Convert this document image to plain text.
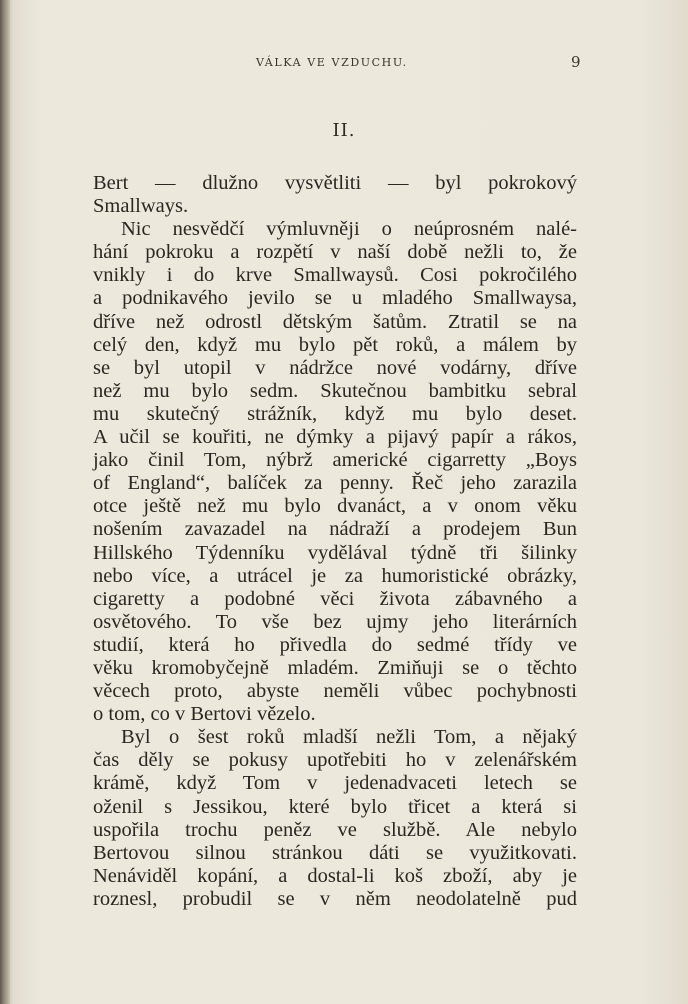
VÁLKA VE VZDUCHU.	9
II.
Bert — dlužno vysvětliti — byl pokrokový
Smallways.
Nic nesvědčí výmluvněji o neúprosném nalé-
hání pokroku a rozpětí v naší době nežli to, že
vnikly i do krve Smallwaysů. Cosi pokročilého
a podnikavého jevilo se u mladého Smallwaysa,
dříve než odrostl dětským šatům. Ztratil se na
celý den, když mu bylo pět roků, a málem by
se byl utopil v nádržce nové vodárny, dříve
než mu bylo sedm. Skutečnou bambitku sebral
mu skutečný strážník, když mu bylo deset.
A učil se kouřiti, ne dýmky a pijavý papír a rákos,
jako činil Tom, nýbrž americké cigarretty „Boys
of England“, balíček za penny. Řeč jeho zarazila
otce ještě než mu bylo dvanáct, a v onom věku
nošením zavazadel na nádraží a prodejem Bun
Hillského Týdenníku vydělával týdně tři šilinky
nebo více, a utrácel je za humoristické obrázky,
cigaretty a podobné věci života zábavného a
osvětového. To vše bez ujmy jeho literárních
studií, která ho přivedla do sedmé třídy ve
věku kromobyčejně mladém. Zmiňuji se o těchto
věcech proto, abyste neměli vůbec pochybnosti
o tom, co v Bertovi vězelo.
Byl o šest roků mladší nežli Tom, a nějaký
čas děly se pokusy upotřebiti ho v zelenářském
krámě, když Tom v jedenadvaceti letech se
oženil s Jessikou, které bylo třicet a která si
uspořila trochu peněz ve službě. Ale nebylo
Bertovou silnou stránkou dáti se využitkovati.
Nenáviděl kopání, a dostal-li koš zboží, aby je
roznesl, probudil se v něm neodolatelně pud
